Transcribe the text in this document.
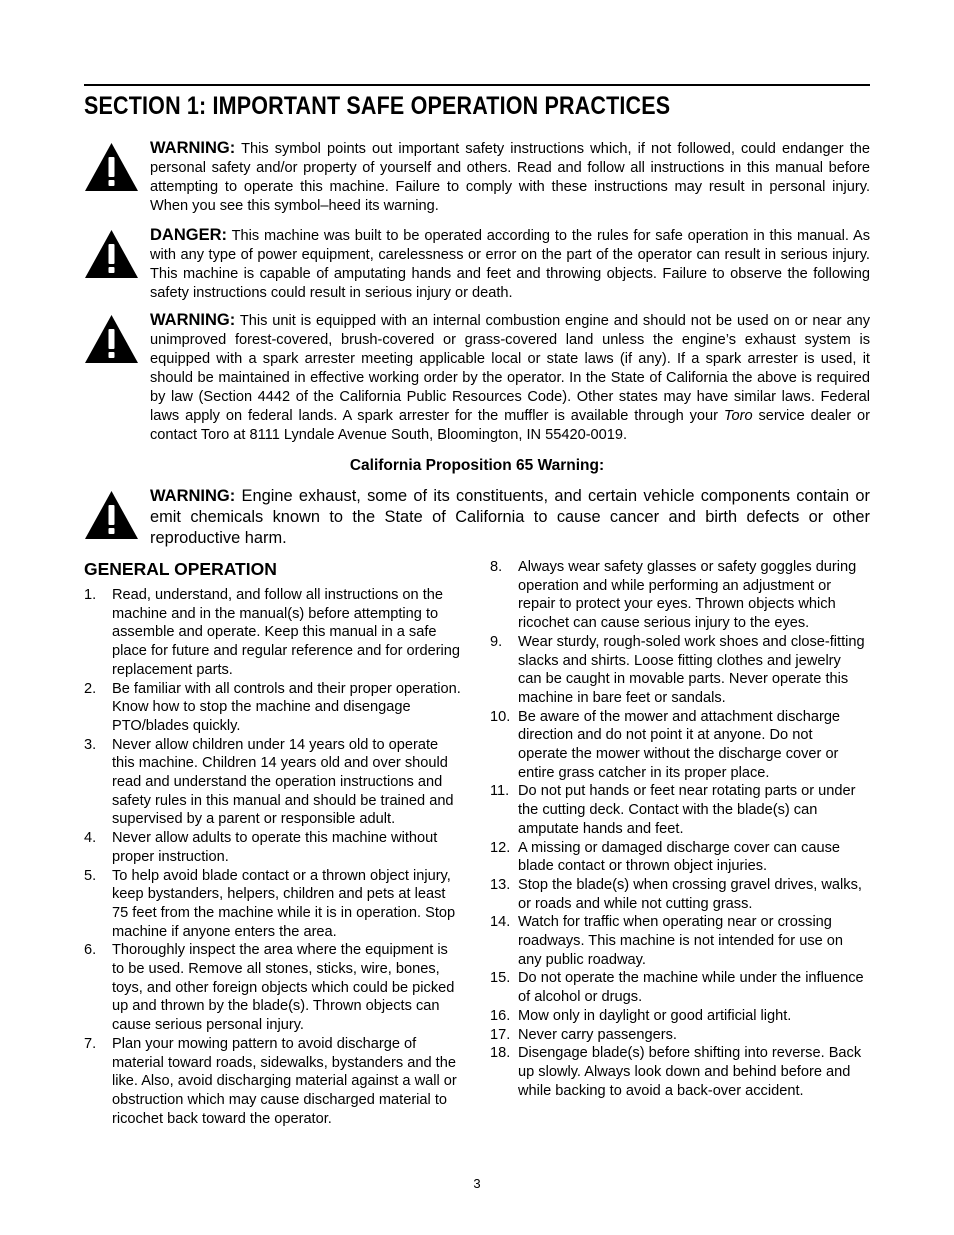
SECTION 1: IMPORTANT SAFE OPERATION PRACTICES
WARNING: This symbol points out important safety instructions which, if not followed, could endanger the personal safety and/or property of yourself and others. Read and follow all instructions in this manual before attempting to operate this machine. Failure to comply with these instructions may result in personal injury. When you see this symbol–heed its warning.
DANGER: This machine was built to be operated according to the rules for safe operation in this manual. As with any type of power equipment, carelessness or error on the part of the operator can result in serious injury. This machine is capable of amputating hands and feet and throwing objects. Failure to observe the following safety instructions could result in serious injury or death.
WARNING: This unit is equipped with an internal combustion engine and should not be used on or near any unimproved forest-covered, brush-covered or grass-covered land unless the engine’s exhaust system is equipped with a spark arrester meeting applicable local or state laws (if any). If a spark arrester is used, it should be maintained in effective working order by the operator. In the State of California the above is required by law (Section 4442 of the California Public Resources Code). Other states may have similar laws. Federal laws apply on federal lands. A spark arrester for the muffler is available through your Toro service dealer or contact Toro at 8111 Lyndale Avenue South, Bloomington, IN 55420-0019.
California Proposition 65 Warning:
WARNING: Engine exhaust, some of its constituents, and certain vehicle components contain or emit chemicals known to the State of California to cause cancer and birth defects or other reproductive harm.
GENERAL OPERATION
1. Read, understand, and follow all instructions on the machine and in the manual(s) before attempting to assemble and operate. Keep this manual in a safe place for future and regular reference and for ordering replacement parts.
2. Be familiar with all controls and their proper operation. Know how to stop the machine and disengage PTO/blades quickly.
3. Never allow children under 14 years old to operate this machine. Children 14 years old and over should read and understand the operation instructions and safety rules in this manual and should be trained and supervised by a parent or responsible adult.
4. Never allow adults to operate this machine without proper instruction.
5. To help avoid blade contact or a thrown object injury, keep bystanders, helpers, children and pets at least 75 feet from the machine while it is in operation. Stop machine if anyone enters the area.
6. Thoroughly inspect the area where the equipment is to be used. Remove all stones, sticks, wire, bones, toys, and other foreign objects which could be picked up and thrown by the blade(s). Thrown objects can cause serious personal injury.
7. Plan your mowing pattern to avoid discharge of material toward roads, sidewalks, bystanders and the like. Also, avoid discharging material against a wall or obstruction which may cause discharged material to ricochet back toward the operator.
8. Always wear safety glasses or safety goggles during operation and while performing an adjustment or repair to protect your eyes. Thrown objects which ricochet can cause serious injury to the eyes.
9. Wear sturdy, rough-soled work shoes and close-fitting slacks and shirts. Loose fitting clothes and jewelry can be caught in movable parts. Never operate this machine in bare feet or sandals.
10. Be aware of the mower and attachment discharge direction and do not point it at anyone. Do not operate the mower without the discharge cover or entire grass catcher in its proper place.
11. Do not put hands or feet near rotating parts or under the cutting deck. Contact with the blade(s) can amputate hands and feet.
12. A missing or damaged discharge cover can cause blade contact or thrown object injuries.
13. Stop the blade(s) when crossing gravel drives, walks, or roads and while not cutting grass.
14. Watch for traffic when operating near or crossing roadways. This machine is not intended for use on any public roadway.
15. Do not operate the machine while under the influence of alcohol or drugs.
16. Mow only in daylight or good artificial light.
17. Never carry passengers.
18. Disengage blade(s) before shifting into reverse. Back up slowly. Always look down and behind before and while backing to avoid a back-over accident.
3
